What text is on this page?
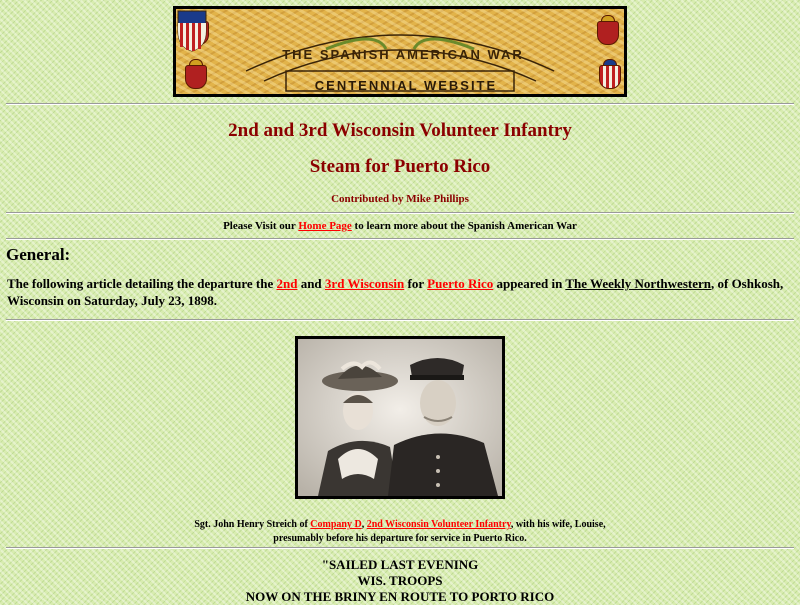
THE SPANISH AMERICAN WAR
CENTENNIAL WEBSITE
2nd and 3rd Wisconsin Volunteer Infantry
Steam for Puerto Rico
Contributed by Mike Phillips
Please Visit our Home Page to learn more about the Spanish American War
General:
The following article detailing the departure the 2nd and 3rd Wisconsin for Puerto Rico appeared in The Weekly Northwestern, of Oshkosh,
Wisconsin on Saturday, July 23, 1898.
Sgt. John Henry Streich of Company D, 2nd Wisconsin Volunteer Infantry, with his wife, Louise,
presumably before his departure for service in Puerto Rico.
"SAILED LAST EVENING
WIS. TROOPS
NOW ON THE BRINY EN ROUTE TO PORTO RICO
